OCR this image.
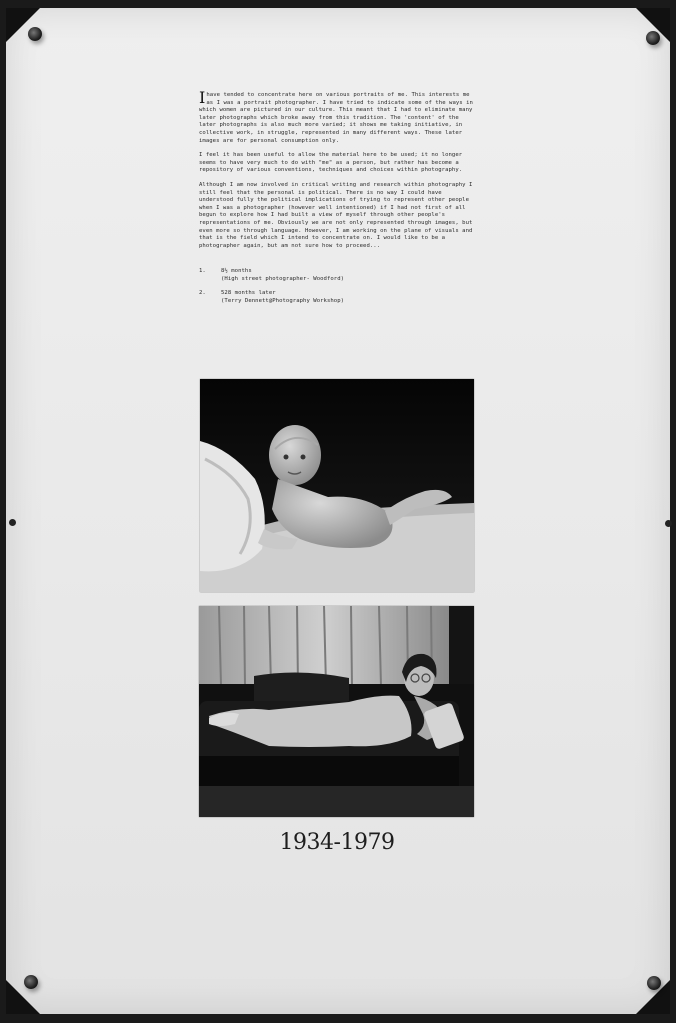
Ihave tended to concentrate here on various portraits of me. This interests me as I was a portrait photographer. I have tried to indicate some of the ways in which women are pictured in our culture. This meant that I had to eliminate many later photographs which broke away from this tradition. The 'content' of the later photographs is also much more varied; it shows me taking initiative, in collective work, in struggle, represented in many different ways. These later images are for personal consumption only.

I feel it has been useful to allow the material here to be used; it no longer seems to have very much to do with "me" as a person, but rather has become a repository of various conventions, techniques and choices within photography.

Although I am now involved in critical writing and research within photography I still feel that the personal is political. There is no way I could have understood fully the political implications of trying to represent other people when I was a photographer (however well intentioned) if I had not first of all begun to explore how I had built a view of myself through other people's representations of me. Obviously we are not only represented through images, but even more so through language. However, I am working on the plane of visuals and that is the field which I intend to concentrate on. I would like to be a photographer again, but am not sure how to proceed...

1.	8½ months
(High street photographer- Woodford)
2.	528 months later
(Terry Dennett@Photography Workshop)
1934-1979
